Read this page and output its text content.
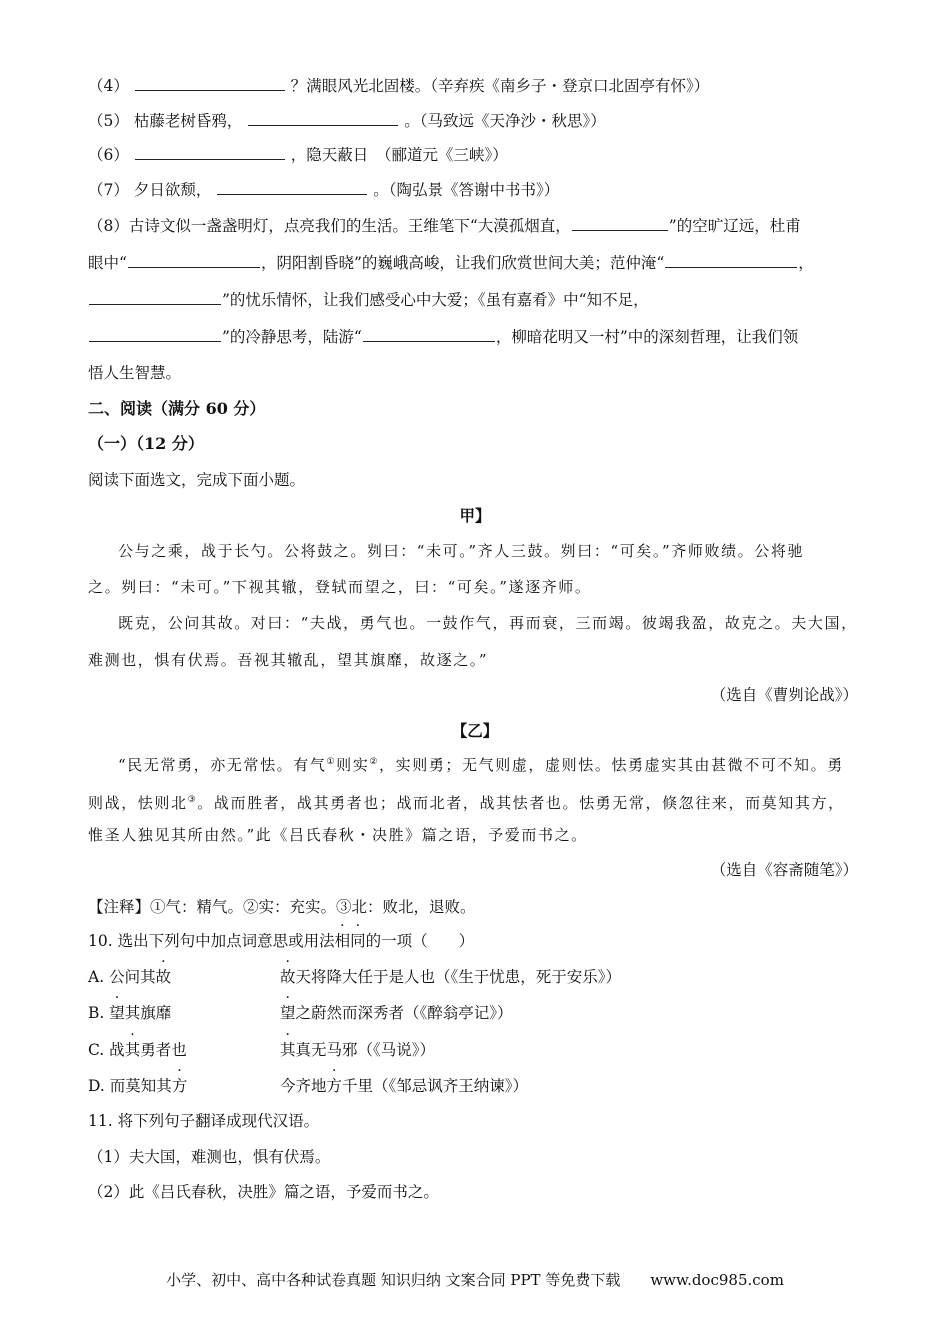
（4）	？满眼风光北固楼。（辛弃疾《南乡子・登京口北固亭有怀》）
（5） 枯藤老树昏鸦，	。（马致远《天净沙・秋思》）
（6）	，隐天蔽日　（郦道元《三峡》）
（7） 夕日欲颓，	。（陶弘景《答谢中书书》）
（8）古诗文似一盏盏明灯，点亮我们的生活。王维笔下“大漠孤烟直，	”的空旷辽远，杜甫
眼中“	，阴阳割昏晓”的巍峨高峻，让我们欣赏世间大美；范仲淹“	，
”的忧乐情怀，让我们感受心中大爱；《虽有嘉肴》中“知不足，
”的冷静思考，陆游“	，柳暗花明又一村”中的深刻哲理，让我们领
悟人生智慧。
二、阅读（满分 60 分）
（一）（12 分）
阅读下面选文，完成下面小题。
甲】
公与之乘，战于长勺。公将鼓之。刿曰：“未可。”齐人三鼓。刿曰：“可矣。”齐师败绩。公将驰
之。刿曰：“未可。”下视其辙，登轼而望之，曰：“可矣。”遂逐齐师。
既克，公问其故。对曰：“夫战，勇气也。一鼓作气，再而衰，三而竭。彼竭我盈，故克之。夫大国，
难测也，惧有伏焉。吾视其辙乱，望其旗靡，故逐之。”
（选自《曹刿论战》）
【乙】
“民无常勇，亦无常怯。有气①则实②，实则勇；无气则虚，虚则怯。怯勇虚实其由甚微不可不知。勇
则战，怯则北③。战而胜者，战其勇者也；战而北者，战其怯者也。怯勇无常，倏忽往来，而莫知其方，
惟圣人独见其所由然。”此《吕氏春秋・决胜》篇之语，予爱而书之。
（选自《容斋随笔》）
【注释】①气：精气。②实：充实。③北：败北，退败。
10. 选出下列句中加点词意思或用法相同的一项（　　）
A. 公问其故	故天将降大任于是人也（《生于忧患，死于安乐》）
B. 望其旗靡	望之蔚然而深秀者（《醉翁亭记》）
C. 战其勇者也	其真无马邪（《马说》）
D. 而莫知其方	今齐地方千里（《邹忌讽齐王纳谏》）
11. 将下列句子翻译成现代汉语。
（1）夫大国，难测也，惧有伏焉。
（2）此《吕氏春秋，决胜》篇之语，予爱而书之。
小学、初中、高中各种试卷真题 知识归纳 文案合同 PPT 等免费下载　　www.doc985.com
